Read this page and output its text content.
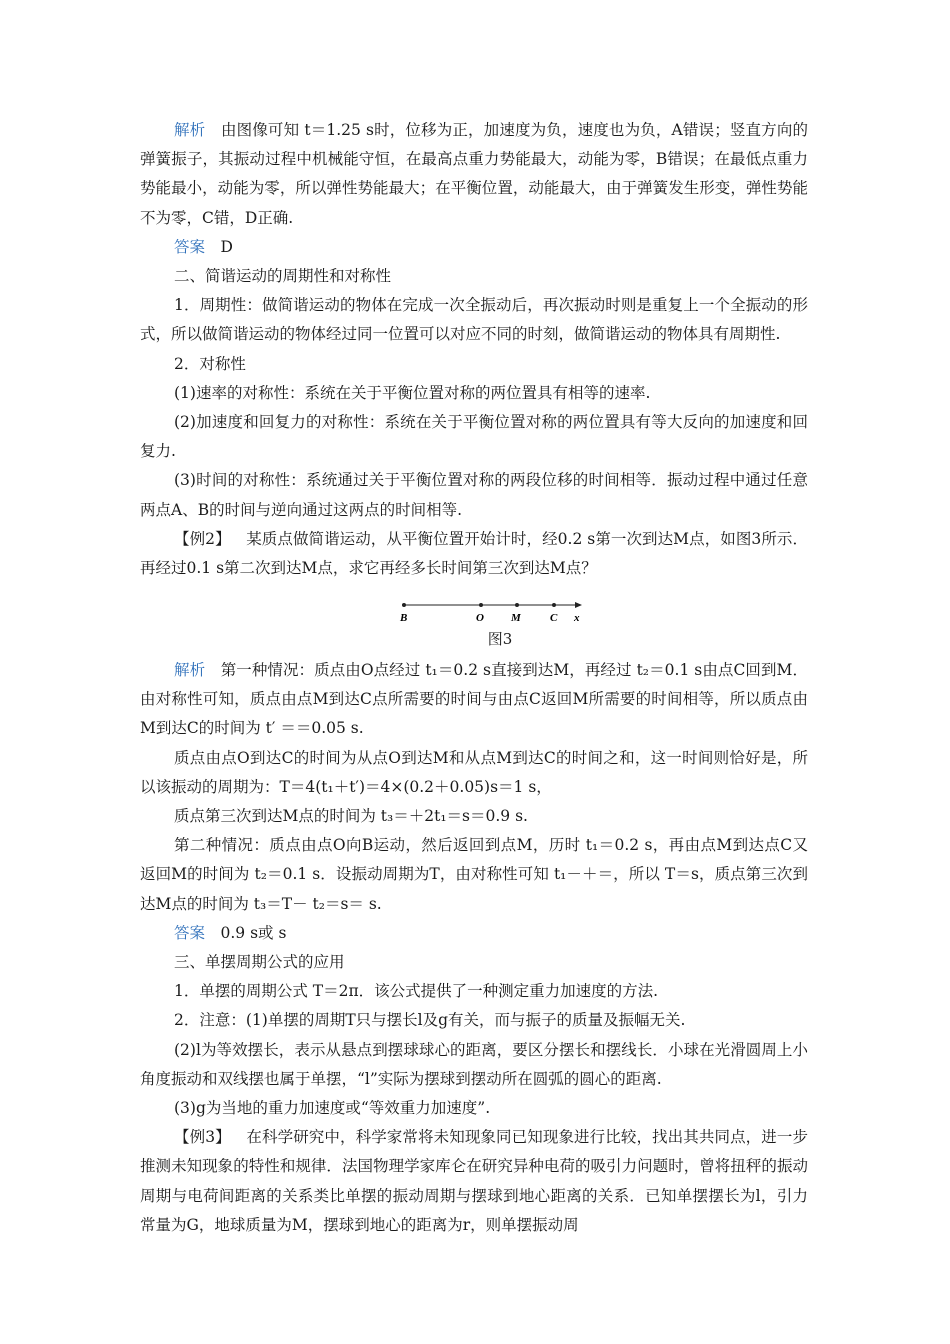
解析  由图像可知 t＝1.25 s时，位移为正，加速度为负，速度也为负，A错误；竖直方向的弹簧振子，其振动过程中机械能守恒，在最高点重力势能最大，动能为零，B错误；在最低点重力势能最小，动能为零，所以弹性势能最大；在平衡位置，动能最大，由于弹簧发生形变，弹性势能不为零，C错，D正确.

答案  D

二、简谐运动的周期性和对称性

1．周期性：做简谐运动的物体在完成一次全振动后，再次振动时则是重复上一个全振动的形式，所以做简谐运动的物体经过同一位置可以对应不同的时刻，做简谐运动的物体具有周期性.

2．对称性

(1)速率的对称性：系统在关于平衡位置对称的两位置具有相等的速率.

(2)加速度和回复力的对称性：系统在关于平衡位置对称的两位置具有等大反向的加速度和回复力.

(3)时间的对称性：系统通过关于平衡位置对称的两段位移的时间相等．振动过程中通过任意两点A、B的时间与逆向通过这两点的时间相等.

【例2】  某质点做简谐运动，从平衡位置开始计时，经0.2 s第一次到达M点，如图3所示．再经过0.1 s第二次到达M点，求它再经多长时间第三次到达M点？

B	O M	C x
图3

解析  第一种情况：质点由O点经过 t₁＝0.2 s直接到达M，再经过 t₂＝0.1 s由点C回到M．由对称性可知，质点由点M到达C点所需要的时间与由点C返回M所需要的时间相等，所以质点由M到达C的时间为 t′ ＝＝0.05 s.

质点由点O到达C的时间为从点O到达M和从点M到达C的时间之和，这一时间则恰好是，所以该振动的周期为：T＝4(t₁＋t′)＝4×(0.2＋0.05)s＝1 s，

质点第三次到达M点的时间为 t₃＝＋2t₁＝s＝0.9 s.

第二种情况：质点由点O向B运动，然后返回到点M，历时 t₁＝0.2 s，再由点M到达点C又返回M的时间为 t₂＝0.1 s．设振动周期为T，由对称性可知 t₁－＋＝，所以 T＝s，质点第三次到达M点的时间为 t₃＝T－ t₂＝s＝ s.

答案  0.9 s或 s

三、单摆周期公式的应用

1．单摆的周期公式 T＝2π．该公式提供了一种测定重力加速度的方法.

2．注意：(1)单摆的周期T只与摆长l及g有关，而与振子的质量及振幅无关.

(2)l为等效摆长，表示从悬点到摆球球心的距离，要区分摆长和摆线长．小球在光滑圆周上小角度振动和双线摆也属于单摆，“l”实际为摆球到摆动所在圆弧的圆心的距离.

(3)g为当地的重力加速度或“等效重力加速度”.

【例3】  在科学研究中，科学家常将未知现象同已知现象进行比较，找出其共同点，进一步推测未知现象的特性和规律．法国物理学家库仑在研究异种电荷的吸引力问题时，曾将扭秤的振动周期与电荷间距离的关系类比单摆的振动周期与摆球到地心距离的关系．已知单摆摆长为l，引力常量为G，地球质量为M，摆球到地心的距离为r，则单摆振动周
